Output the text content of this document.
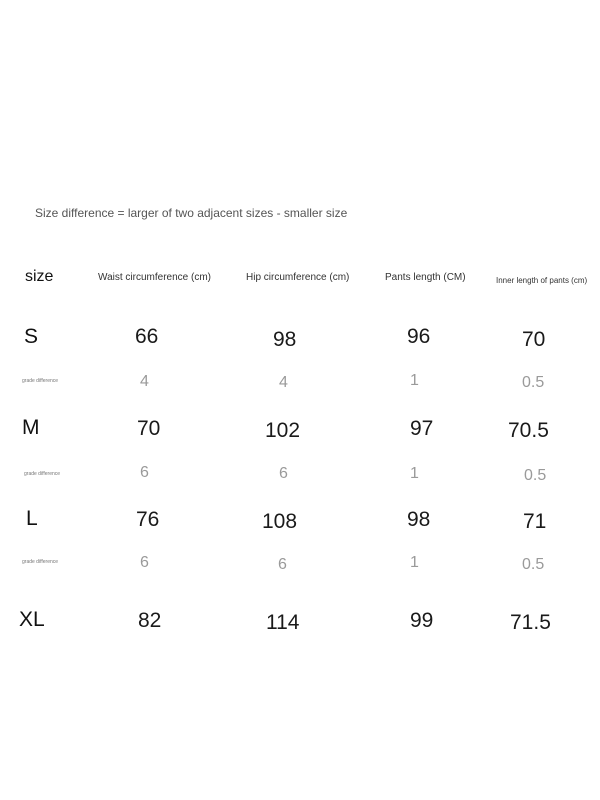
Size difference = larger of two adjacent sizes - smaller size
size	Waist circumference (cm)	Hip circumference (cm)	Pants length (CM)	Inner length of pants (cm)
S	66	98	96	70
grade difference	4	4	1	0.5
M	70	102	97	70.5
grade difference	6	6	1	0.5
L	76	108	98	71
grade difference	6	6	1	0.5
XL	82	114	99	71.5
